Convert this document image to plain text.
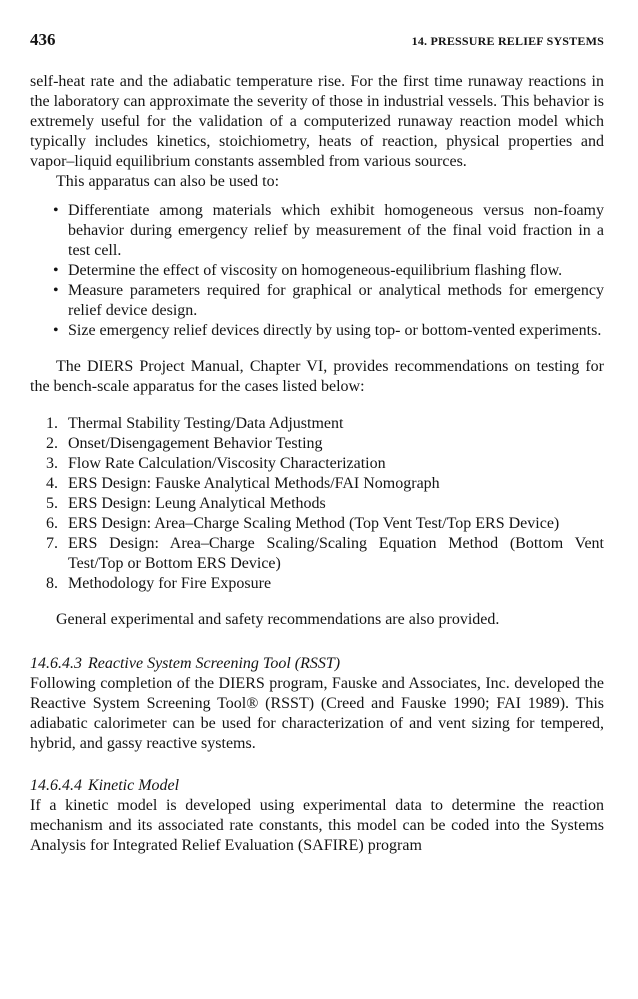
436	14. PRESSURE RELIEF SYSTEMS

self-heat rate and the adiabatic temperature rise. For the first time runaway reactions in the laboratory can approximate the severity of those in industrial vessels. This behavior is extremely useful for the validation of a computerized runaway reaction model which typically includes kinetics, stoichiometry, heats of reaction, physical properties and vapor–liquid equilibrium constants assembled from various sources.

This apparatus can also be used to:

• Differentiate among materials which exhibit homogeneous versus non-foamy behavior during emergency relief by measurement of the final void fraction in a test cell.
• Determine the effect of viscosity on homogeneous-equilibrium flashing flow.
• Measure parameters required for graphical or analytical methods for emergency relief device design.
• Size emergency relief devices directly by using top- or bottom-vented experiments.

The DIERS Project Manual, Chapter VI, provides recommendations on testing for the bench-scale apparatus for the cases listed below:

1. Thermal Stability Testing/Data Adjustment
2. Onset/Disengagement Behavior Testing
3. Flow Rate Calculation/Viscosity Characterization
4. ERS Design: Fauske Analytical Methods/FAI Nomograph
5. ERS Design: Leung Analytical Methods
6. ERS Design: Area–Charge Scaling Method (Top Vent Test/Top ERS Device)
7. ERS Design: Area–Charge Scaling/Scaling Equation Method (Bottom Vent Test/Top or Bottom ERS Device)
8. Methodology for Fire Exposure

General experimental and safety recommendations are also provided.

14.6.4.3 Reactive System Screening Tool (RSST)

Following completion of the DIERS program, Fauske and Associates, Inc. developed the Reactive System Screening Tool® (RSST) (Creed and Fauske 1990; FAI 1989). This adiabatic calorimeter can be used for characterization of and vent sizing for tempered, hybrid, and gassy reactive systems.

14.6.4.4 Kinetic Model

If a kinetic model is developed using experimental data to determine the reaction mechanism and its associated rate constants, this model can be coded into the Systems Analysis for Integrated Relief Evaluation (SAFIRE) program
